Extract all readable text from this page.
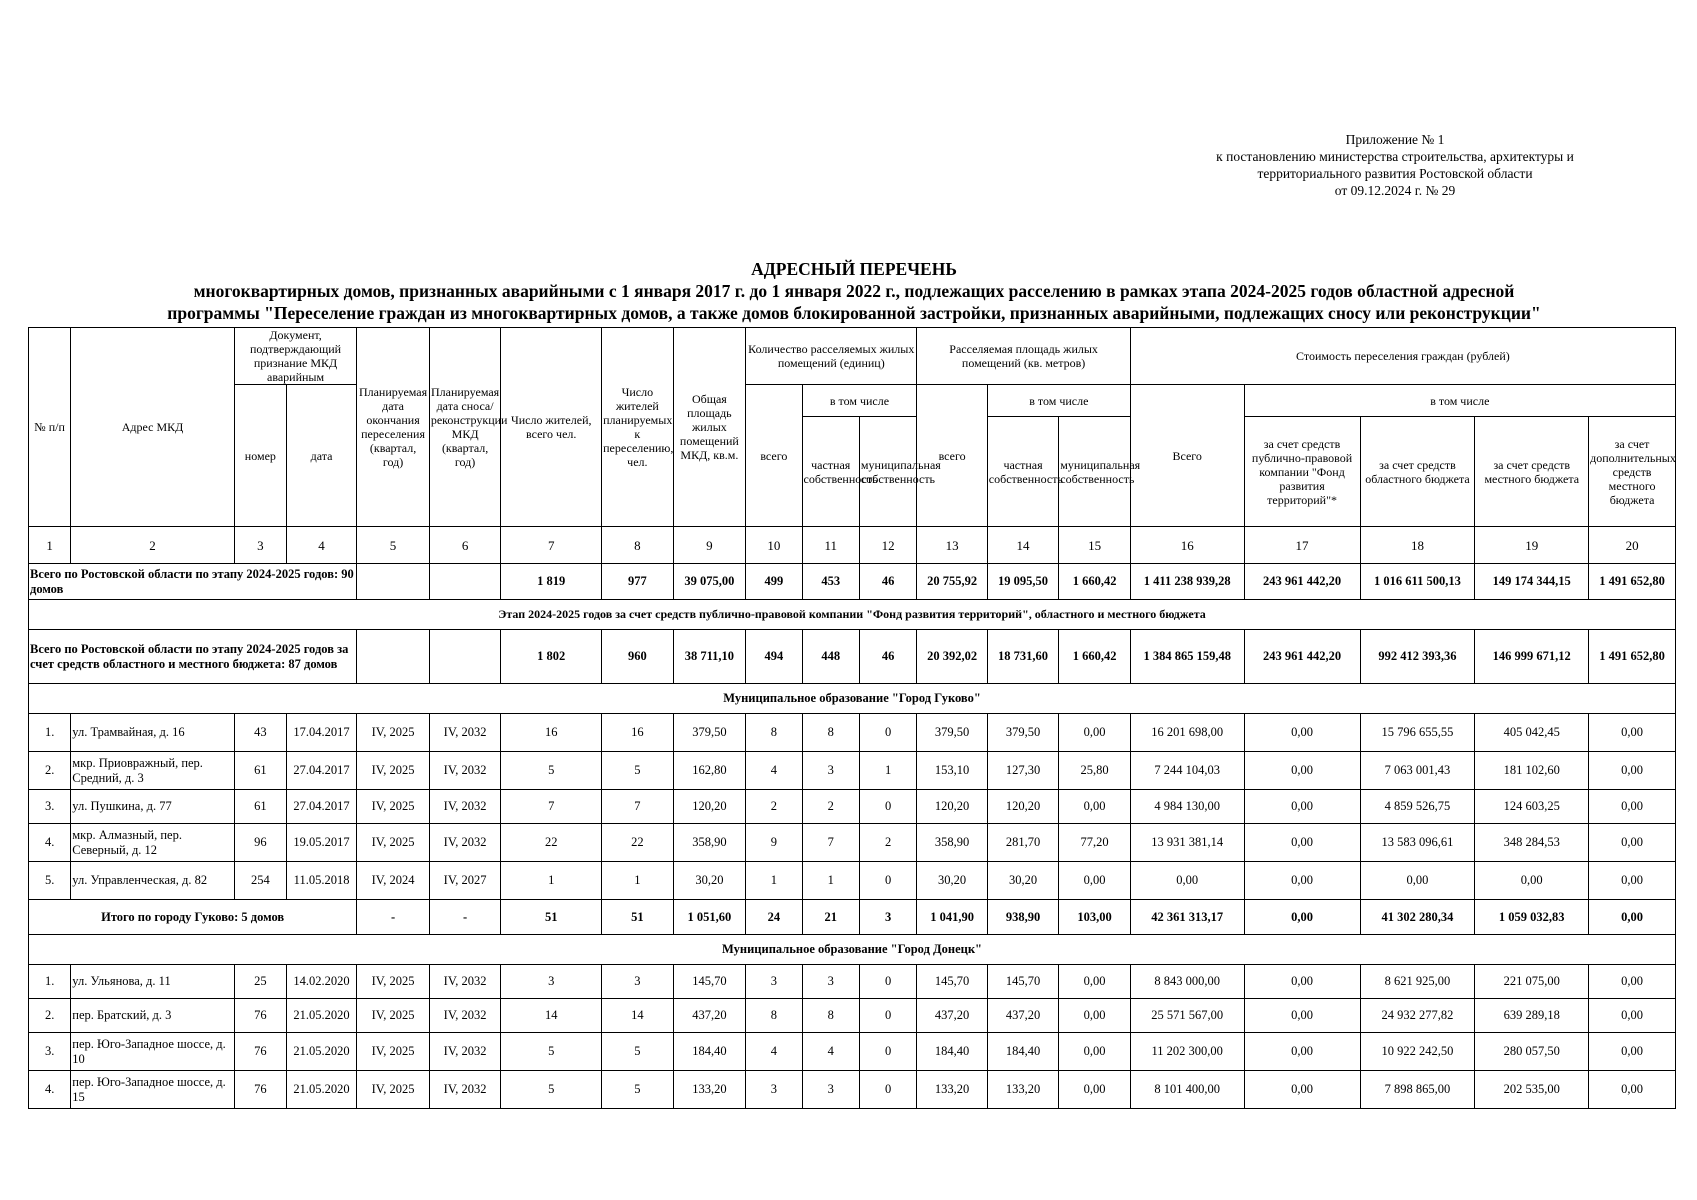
Приложение № 1
к постановлению министерства строительства, архитектуры и
территориального развития Ростовской области
от 09.12.2024 г. № 29
АДРЕСНЫЙ ПЕРЕЧЕНЬ
многоквартирных домов, признанных аварийными с 1 января 2017 г. до 1 января 2022 г., подлежащих расселению в рамках этапа 2024-2025 годов областной адресной
программы "Переселение граждан из многоквартирных домов, а также домов блокированной застройки, признанных аварийными, подлежащих сносу или реконструкции"
№ п/п	Адрес МКД	Документ, подтверждающий признание МКД аварийным		Планируемая дата окончания переселения (квартал, год)	Планируемая дата сноса/реконструкции МКД (квартал, год)	Число жителей, всего чел.	Число жителей планируемых к переселению, чел.	Общая площадь жилых помещений МКД, кв.м.	Количество расселяемых жилых помещений (единиц)			Расселяемая площадь жилых помещений (кв. метров)			Стоимость переселения граждан (рублей)				
		номер	дата						всего	в том числе		всего	в том числе		Всего	в том числе			
										частная собственность	муниципальная собственность		частная собственность	муниципальная собственность		за счет средств публично-правовой компании "Фонд развития территорий"*	за счет средств областного бюджета	за счет средств местного бюджета	за счет дополнительных средств местного бюджета
1	2	3	4	5	6	7	8	9	10	11	12	13	14	15	16	17	18	19	20
Всего по Ростовской области по этапу 2024-2025 годов: 90 домов						1 819	977	39 075,00	499	453	46	20 755,92	19 095,50	1 660,42	1 411 238 939,28	243 961 442,20	1 016 611 500,13	149 174 344,15	1 491 652,80
Этап 2024-2025 годов за счет средств публично-правовой компании "Фонд развития территорий", областного и местного бюджета																			
Всего по Ростовской области по этапу 2024-2025 годов за счет средств областного и местного бюджета: 87 домов						1 802	960	38 711,10	494	448	46	20 392,02	18 731,60	1 660,42	1 384 865 159,48	243 961 442,20	992 412 393,36	146 999 671,12	1 491 652,80
Муниципальное образование "Город Гуково"																			
1.	ул. Трамвайная, д. 16	43	17.04.2017	IV, 2025	IV, 2032	16	16	379,50	8	8	0	379,50	379,50	0,00	16 201 698,00	0,00	15 796 655,55	405 042,45	0,00
2.	мкр. Приовражный, пер. Средний, д. 3	61	27.04.2017	IV, 2025	IV, 2032	5	5	162,80	4	3	1	153,10	127,30	25,80	7 244 104,03	0,00	7 063 001,43	181 102,60	0,00
3.	ул. Пушкина, д. 77	61	27.04.2017	IV, 2025	IV, 2032	7	7	120,20	2	2	0	120,20	120,20	0,00	4 984 130,00	0,00	4 859 526,75	124 603,25	0,00
4.	мкр. Алмазный, пер. Северный, д. 12	96	19.05.2017	IV, 2025	IV, 2032	22	22	358,90	9	7	2	358,90	281,70	77,20	13 931 381,14	0,00	13 583 096,61	348 284,53	0,00
5.	ул. Управленческая, д. 82	254	11.05.2018	IV, 2024	IV, 2027	1	1	30,20	1	1	0	30,20	30,20	0,00	0,00	0,00	0,00	0,00	0,00
Итого по городу Гуково: 5 домов				-	-	51	51	1 051,60	24	21	3	1 041,90	938,90	103,00	42 361 313,17	0,00	41 302 280,34	1 059 032,83	0,00
Муниципальное образование "Город Донецк"																			
1.	ул. Ульянова, д. 11	25	14.02.2020	IV, 2025	IV, 2032	3	3	145,70	3	3	0	145,70	145,70	0,00	8 843 000,00	0,00	8 621 925,00	221 075,00	0,00
2.	пер. Братский, д. 3	76	21.05.2020	IV, 2025	IV, 2032	14	14	437,20	8	8	0	437,20	437,20	0,00	25 571 567,00	0,00	24 932 277,82	639 289,18	0,00
3.	пер. Юго-Западное шоссе, д. 10	76	21.05.2020	IV, 2025	IV, 2032	5	5	184,40	4	4	0	184,40	184,40	0,00	11 202 300,00	0,00	10 922 242,50	280 057,50	0,00
4.	пер. Юго-Западное шоссе, д. 15	76	21.05.2020	IV, 2025	IV, 2032	5	5	133,20	3	3	0	133,20	133,20	0,00	8 101 400,00	0,00	7 898 865,00	202 535,00	0,00
